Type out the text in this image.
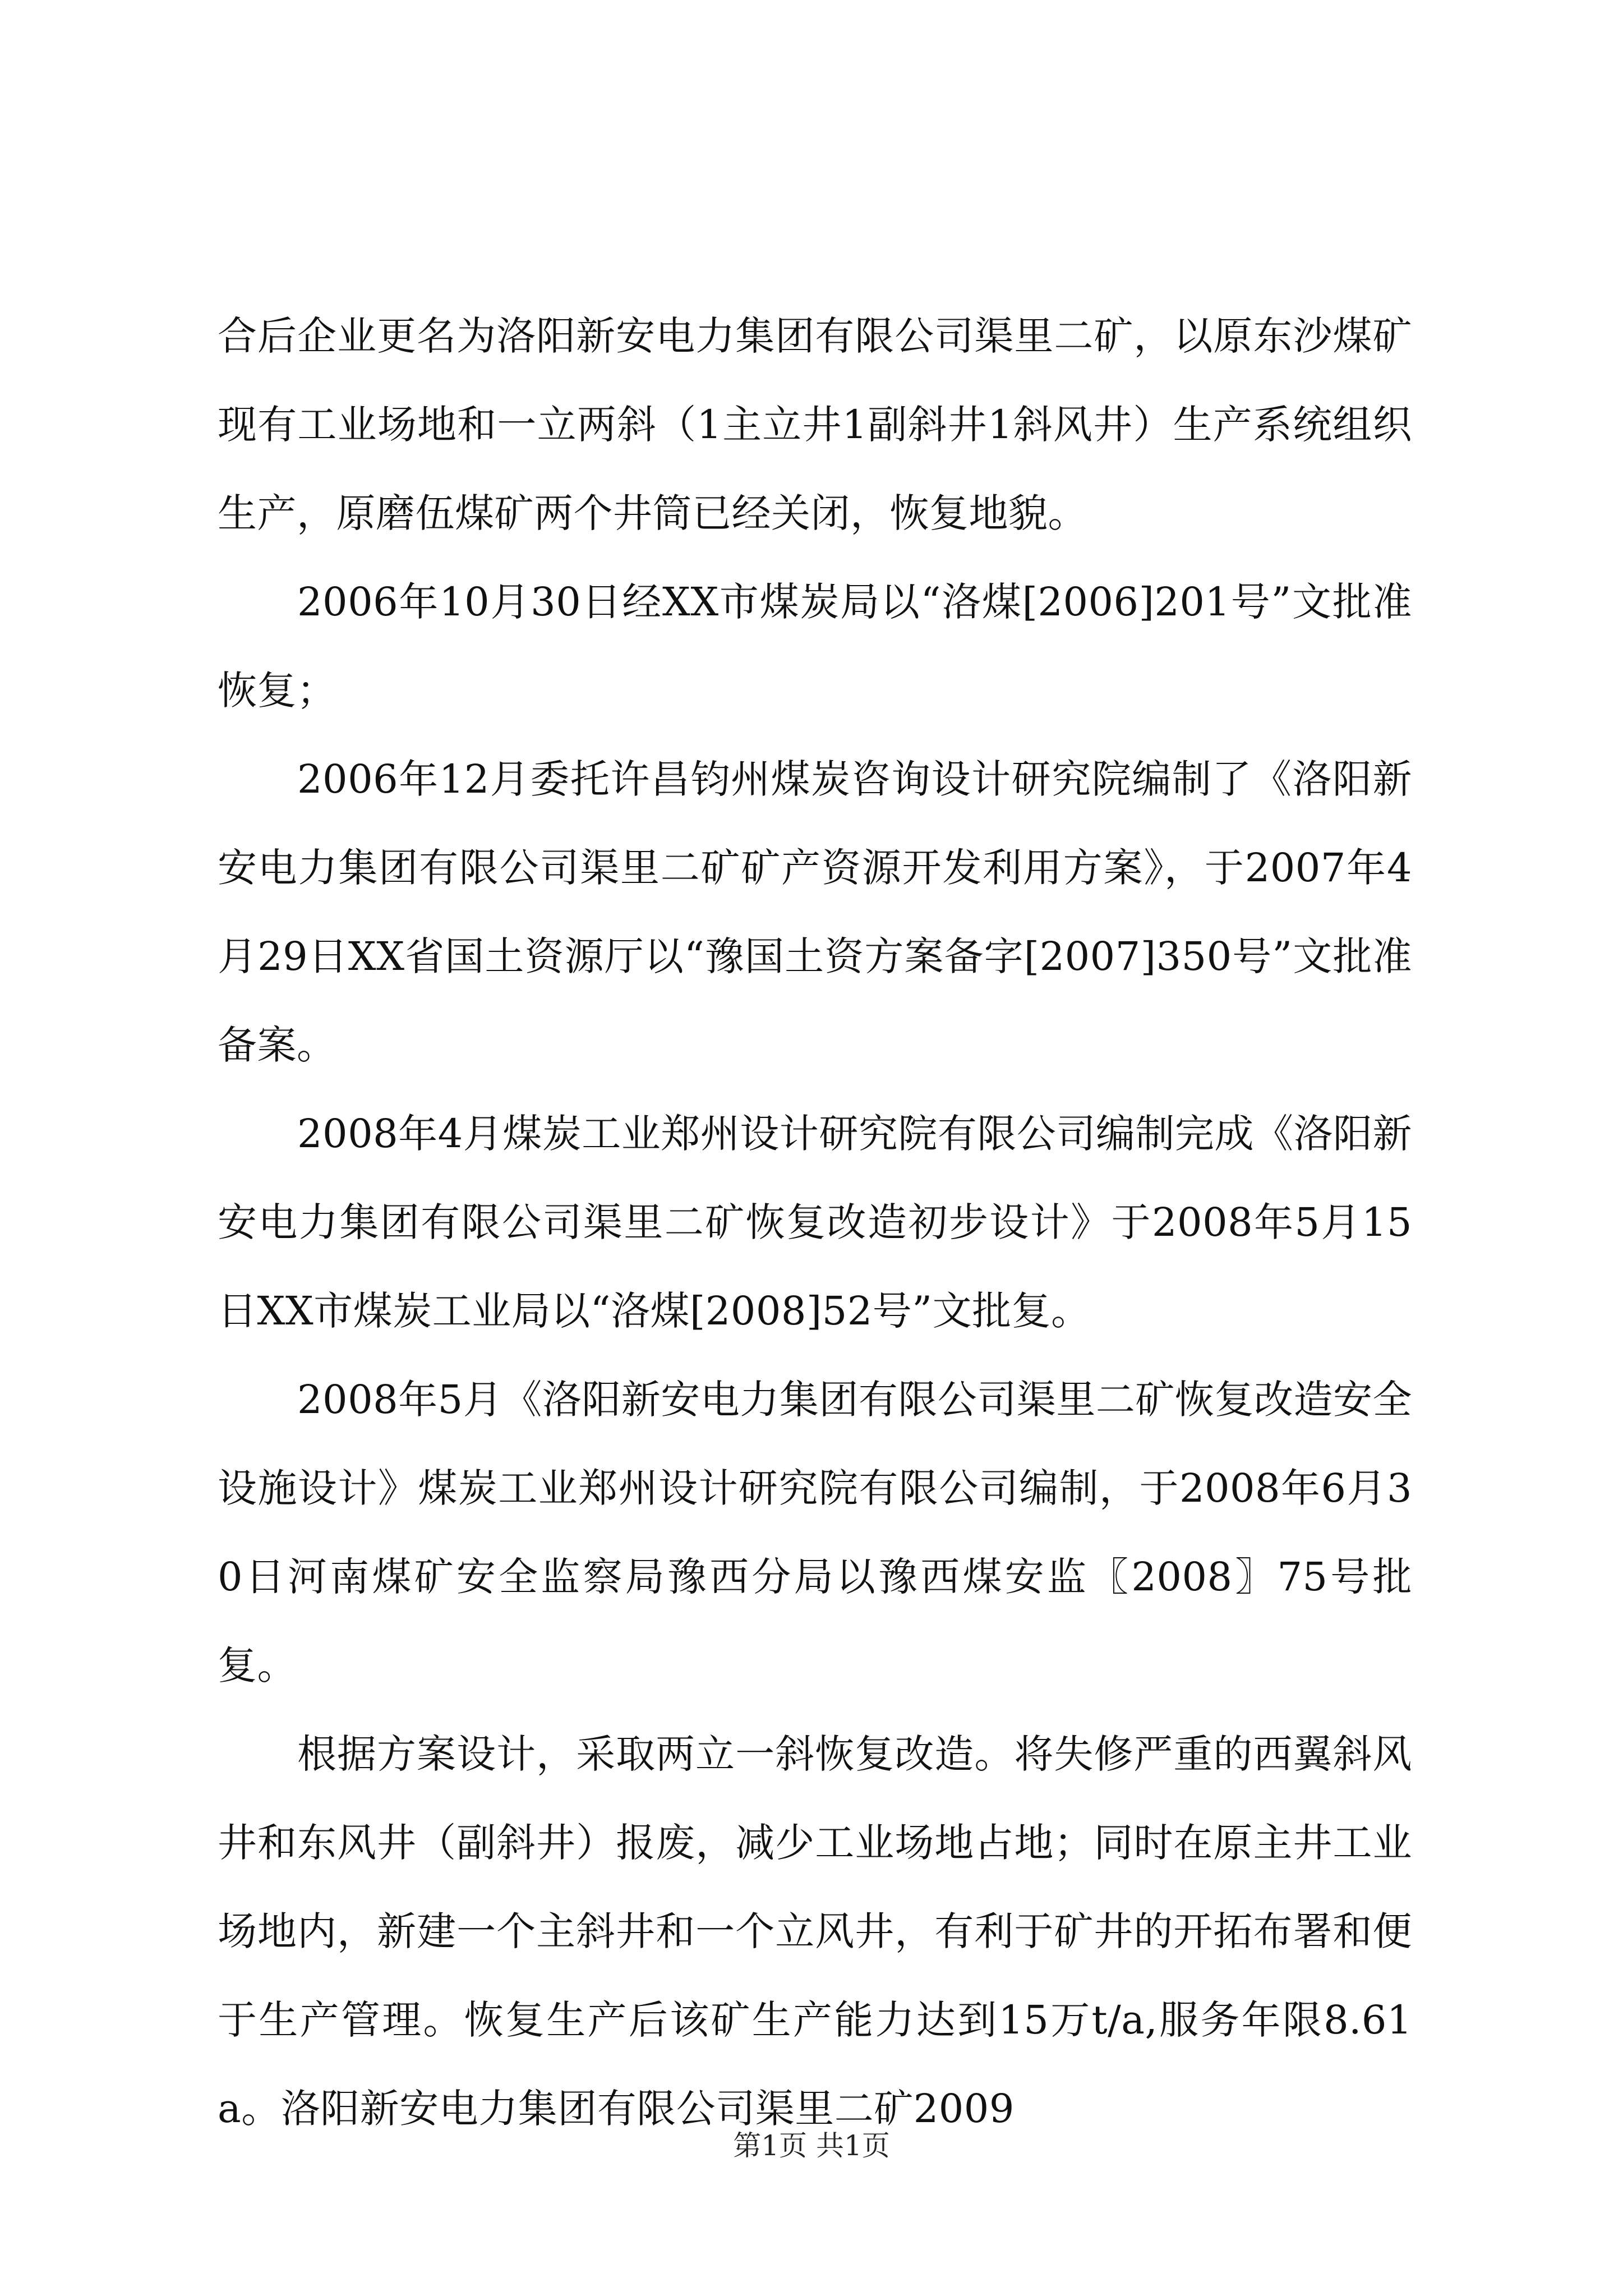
合后企业更名为洛阳新安电力集团有限公司渠里二矿，以原东沙煤矿现有工业场地和一立两斜（1主立井1副斜井1斜风井）生产系统组织生产，原磨伍煤矿两个井筒已经关闭，恢复地貌。

2006年10月30日经XX市煤炭局以“洛煤[2006]201号”文批准恢复；

2006年12月委托许昌钧州煤炭咨询设计研究院编制了《洛阳新安电力集团有限公司渠里二矿矿产资源开发利用方案》，于2007年4月29日XX省国土资源厅以“豫国土资方案备字[2007]350号”文批准备案。

2008年4月煤炭工业郑州设计研究院有限公司编制完成《洛阳新安电力集团有限公司渠里二矿恢复改造初步设计》于2008年5月15日XX市煤炭工业局以“洛煤[2008]52号”文批复。

2008年5月《洛阳新安电力集团有限公司渠里二矿恢复改造安全设施设计》煤炭工业郑州设计研究院有限公司编制，于2008年6月30日河南煤矿安全监察局豫西分局以豫西煤安监〖2008〗75号批复。

根据方案设计，采取两立一斜恢复改造。将失修严重的西翼斜风井和东风井（副斜井）报废，减少工业场地占地；同时在原主井工业场地内，新建一个主斜井和一个立风井，有利于矿井的开拓布署和便于生产管理。恢复生产后该矿生产能力达到15万t/a,服务年限8.61a。洛阳新安电力集团有限公司渠里二矿2009

第1页 共1页
